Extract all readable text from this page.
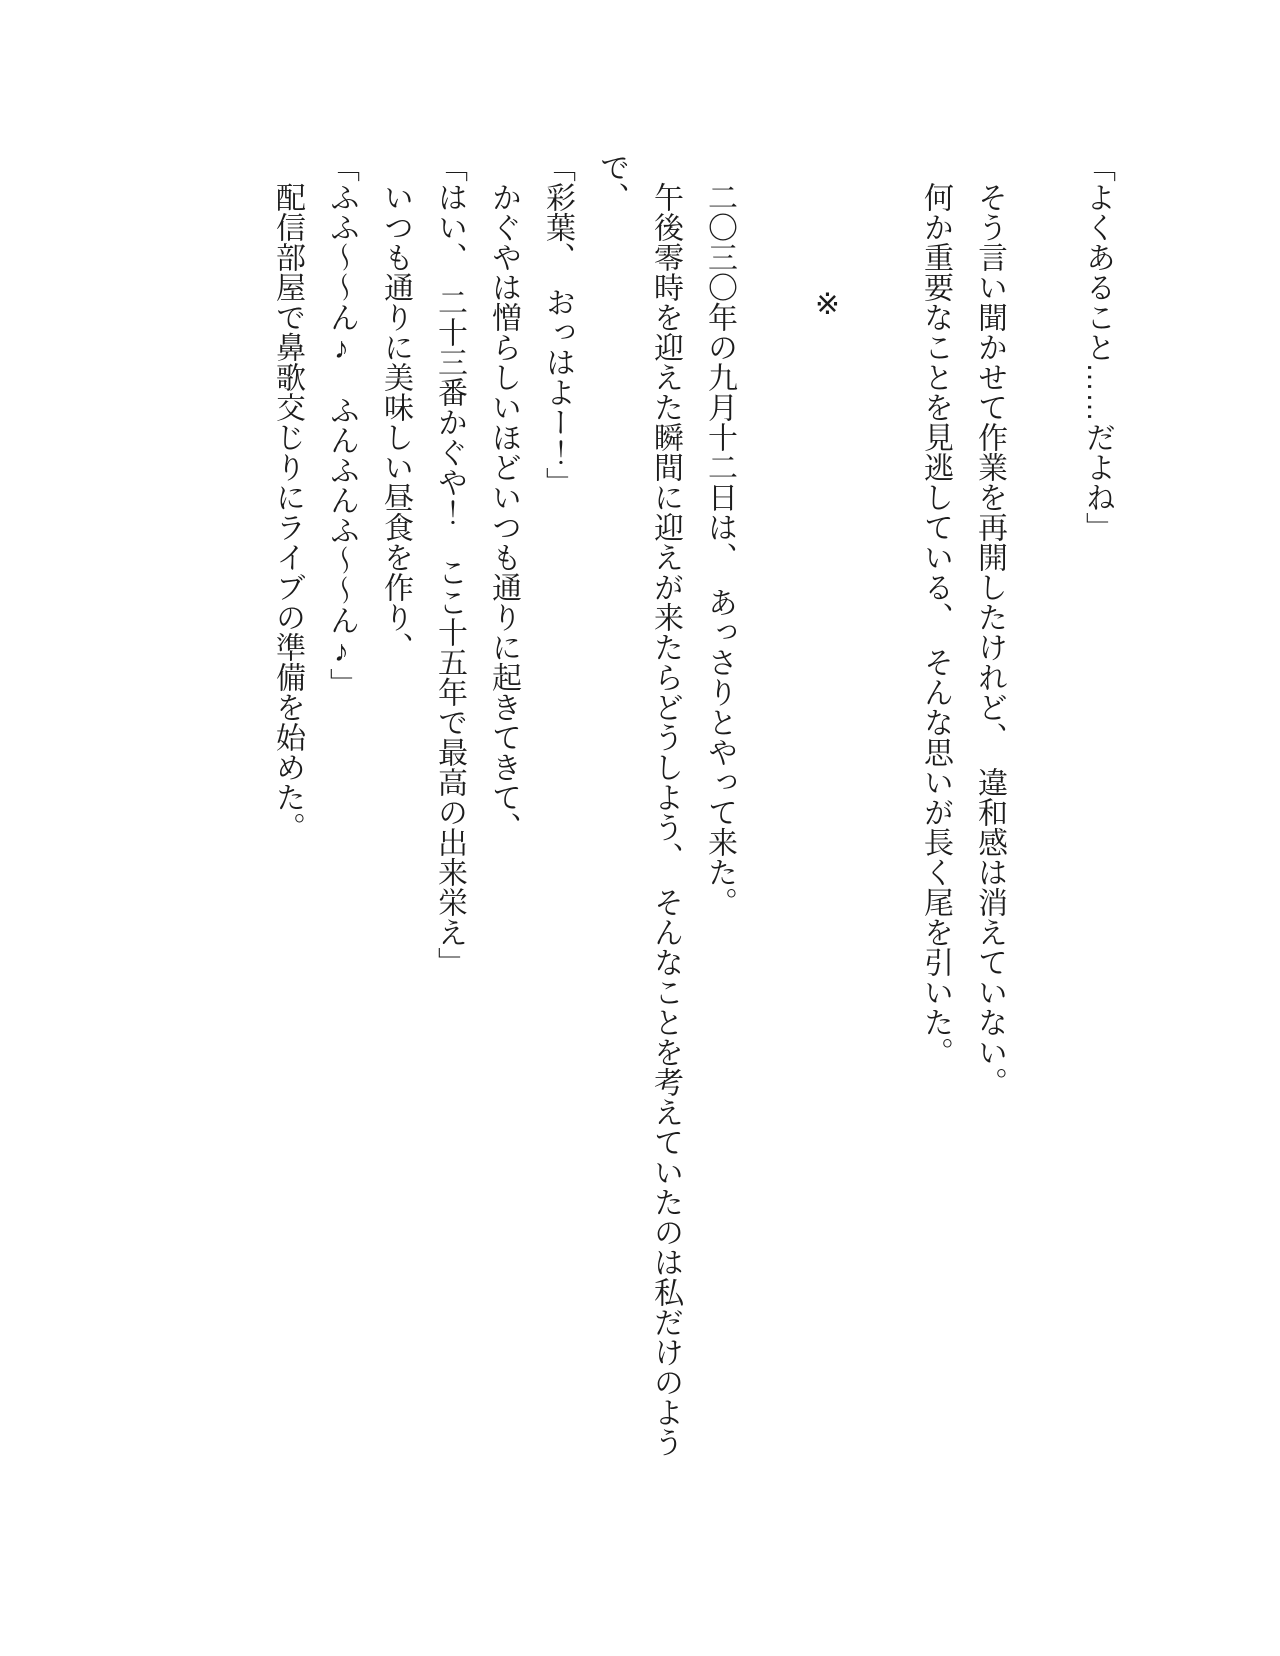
「よくあること……だよね」

そう言い聞かせて作業を再開したけれど、　違和感は消えていない。

何か重要なことを見逃している、　そんな思いが長く尾を引いた。

※

二〇三〇年の九月十二日は、　あっさりとやって来た。

午後零時を迎えた瞬間に迎えが来たらどうしよう、　そんなことを考えていたのは私だけのようで、

「彩葉、　おっはよー！」

かぐやは憎らしいほどいつも通りに起きてきて、

「はい、　二十三番かぐや！　ここ十五年で最高の出来栄え」

いつも通りに美味しい昼食を作り、

「ふふ〜〜ん♪　ふんふんふ〜〜ん♪」

配信部屋で鼻歌交じりにライブの準備を始めた。
